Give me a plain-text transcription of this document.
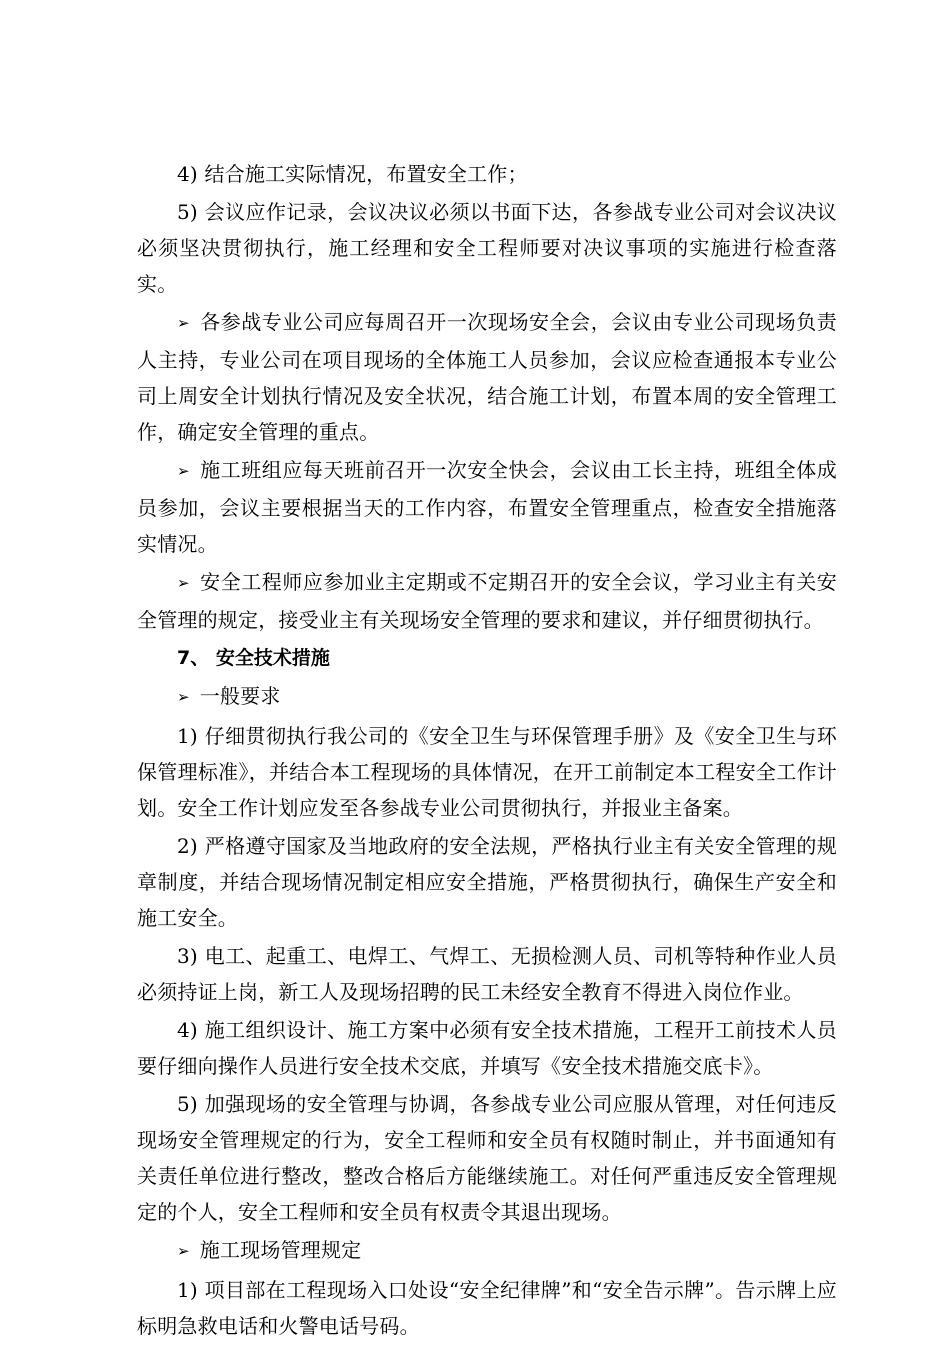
4) 结合施工实际情况，布置安全工作；

5) 会议应作记录，会议决议必须以书面下达，各参战专业公司对会议决议必须坚决贯彻执行，施工经理和安全工程师要对决议事项的实施进行检查落实。

➢ 各参战专业公司应每周召开一次现场安全会，会议由专业公司现场负责人主持，专业公司在项目现场的全体施工人员参加，会议应检查通报本专业公司上周安全计划执行情况及安全状况，结合施工计划，布置本周的安全管理工作，确定安全管理的重点。

➢ 施工班组应每天班前召开一次安全快会，会议由工长主持，班组全体成员参加，会议主要根据当天的工作内容，布置安全管理重点，检查安全措施落实情况。

➢ 安全工程师应参加业主定期或不定期召开的安全会议，学习业主有关安全管理的规定，接受业主有关现场安全管理的要求和建议，并仔细贯彻执行。

7、 安全技术措施

➢ 一般要求

1) 仔细贯彻执行我公司的《安全卫生与环保管理手册》及《安全卫生与环保管理标准》，并结合本工程现场的具体情况，在开工前制定本工程安全工作计划。安全工作计划应发至各参战专业公司贯彻执行，并报业主备案。

2) 严格遵守国家及当地政府的安全法规，严格执行业主有关安全管理的规章制度，并结合现场情况制定相应安全措施，严格贯彻执行，确保生产安全和施工安全。

3) 电工、起重工、电焊工、气焊工、无损检测人员、司机等特种作业人员必须持证上岗，新工人及现场招聘的民工未经安全教育不得进入岗位作业。

4) 施工组织设计、施工方案中必须有安全技术措施，工程开工前技术人员要仔细向操作人员进行安全技术交底，并填写《安全技术措施交底卡》。

5) 加强现场的安全管理与协调，各参战专业公司应服从管理，对任何违反现场安全管理规定的行为，安全工程师和安全员有权随时制止，并书面通知有关责任单位进行整改，整改合格后方能继续施工。对任何严重违反安全管理规定的个人，安全工程师和安全员有权责令其退出现场。

➢ 施工现场管理规定

1) 项目部在工程现场入口处设“安全纪律牌”和“安全告示牌”。告示牌上应标明急救电话和火警电话号码。
